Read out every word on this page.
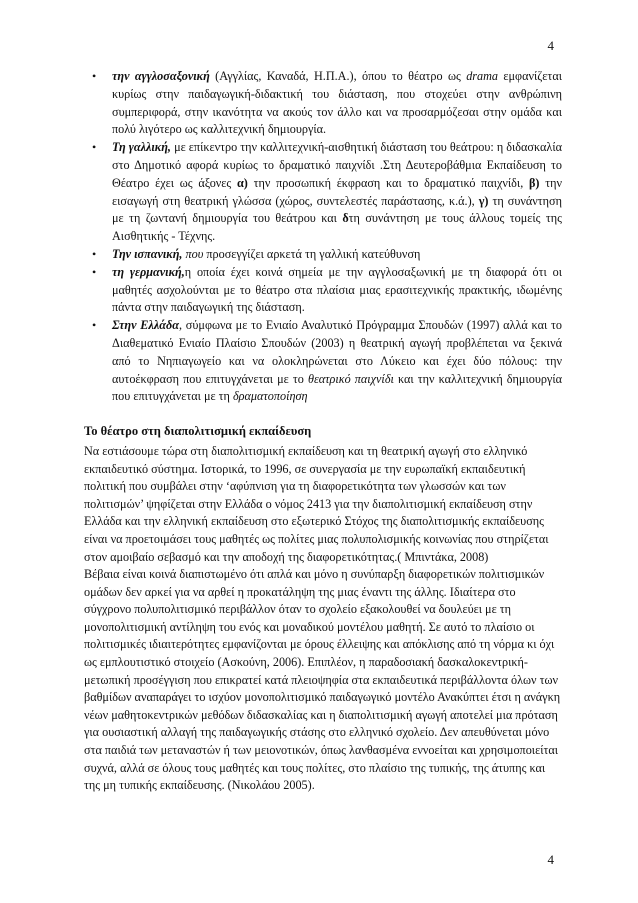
4
• την αγγλοσαξονική (Αγγλίας, Καναδά, Η.Π.Α.), όπου το θέατρο ως drama εμφανίζεται κυρίως στην παιδαγωγική-διδακτική του διάσταση, που στοχεύει στην ανθρώπινη συμπεριφορά, στην ικανότητα να ακούς τον άλλο και να προσαρμόζεσαι στην ομάδα και πολύ λιγότερο ως καλλιτεχνική δημιουργία.
• Τη γαλλική, με επίκεντρο την καλλιτεχνική-αισθητική διάσταση του θεάτρου: η διδασκαλία στο Δημοτικό αφορά κυρίως το δραματικό παιχνίδι .Στη Δευτεροβάθμια Εκπαίδευση το Θέατρο έχει ως άξονες α) την προσωπική έκφραση και το δραματικό παιχνίδι, β) την εισαγωγή στη θεατρική γλώσσα (χώρος, συντελεστές παράστασης, κ.ά.), γ) τη συνάντηση με τη ζωντανή δημιουργία του θεάτρου και δτη συνάντηση με τους άλλους τομείς της Αισθητικής - Τέχνης.
• Την ισπανική, που προσεγγίζει αρκετά τη γαλλική κατεύθυνση
• τη γερμανική,η οποία έχει κοινά σημεία με την αγγλοσαξωνική με τη διαφορά ότι οι μαθητές ασχολούνται με το θέατρο στα πλαίσια μιας ερασιτεχνικής πρακτικής, ιδωμένης πάντα στην παιδαγωγική της διάσταση.
• Στην Ελλάδα, σύμφωνα με το Ενιαίο Αναλυτικό Πρόγραμμα Σπουδών (1997) αλλά και το Διαθεματικό Ενιαίο Πλαίσιο Σπουδών (2003) η θεατρική αγωγή προβλέπεται να ξεκινά από το Νηπιαγωγείο και να ολοκληρώνεται στο Λύκειο και έχει δύο πόλους: την αυτοέκφραση που επιτυγχάνεται με το θεατρικό παιχνίδι και την καλλιτεχνική δημιουργία που επιτυγχάνεται με τη δραματοποίηση
Το θέατρο στη διαπολιτισμική εκπαίδευση

Να εστιάσουμε τώρα στη διαπολιτισμική εκπαίδευση και τη θεατρική αγωγή στο ελληνικό εκπαιδευτικό σύστημα. Ιστορικά, το 1996, σε συνεργασία με την ευρωπαϊκή εκπαιδευτική πολιτική που συμβάλει στην ‘αφύπνιση για τη διαφορετικότητα των γλωσσών και των πολιτισμών’ ψηφίζεται στην Ελλάδα ο νόμος 2413 για την διαπολιτισμική εκπαίδευση στην Ελλάδα και την ελληνική εκπαίδευση στο εξωτερικό Στόχος της διαπολιτισμικής εκπαίδευσης είναι να προετοιμάσει τους μαθητές ως πολίτες μιας πολυπολισμικής κοινωνίας που στηρίζεται στον αμοιβαίο σεβασμό και την αποδοχή της διαφορετικότητας.( Μπιντάκα, 2008)

Βέβαια είναι κοινά διαπιστωμένο ότι απλά και μόνο η συνύπαρξη διαφορετικών πολιτισμικών ομάδων δεν αρκεί για να αρθεί η προκατάληψη της μιας έναντι της άλλης. Ιδιαίτερα στο σύγχρονο πολυπολιτισμικό περιβάλλον όταν το σχολείο εξακολουθεί να δουλεύει με τη μονοπολιτισμική αντίληψη του ενός και μοναδικού μοντέλου μαθητή. Σε αυτό το πλαίσιο οι πολιτισμικές ιδιαιτερότητες εμφανίζονται με όρους έλλειψης και απόκλισης από τη νόρμα κι όχι ως εμπλουτιστικό στοιχείο (Ασκούνη, 2006). Επιπλέον, η παραδοσιακή δασκαλοκεντρική- μετωπική προσέγγιση που επικρατεί κατά πλειοψηφία στα εκπαιδευτικά περιβάλλοντα όλων των βαθμίδων αναπαράγει το ισχύον μονοπολιτισμικό παιδαγωγικό μοντέλο Ανακύπτει έτσι η ανάγκη νέων μαθητοκεντρικών μεθόδων διδασκαλίας και η διαπολιτισμική αγωγή αποτελεί μια πρόταση για ουσιαστική αλλαγή της παιδαγωγικής στάσης στο ελληνικό σχολείο. Δεν απευθύνεται μόνο στα παιδιά των μεταναστών ή των μειονοτικών, όπως λανθασμένα εννοείται και χρησιμοποιείται συχνά, αλλά σε όλους τους μαθητές και τους πολίτες, στο πλαίσιο της τυπικής, της άτυπης και της μη τυπικής εκπαίδευσης. (Νικολάου 2005).

4
